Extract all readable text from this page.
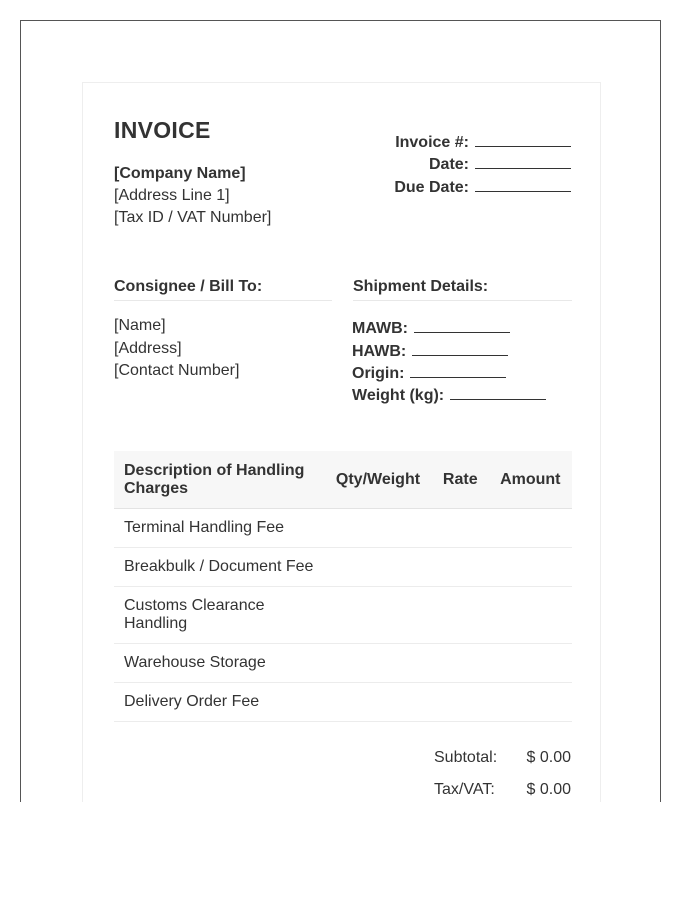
INVOICE
[Company Name]
[Address Line 1]
[Tax ID / VAT Number]
Invoice #:
Date:
Due Date:
Consignee / Bill To:
[Name]
[Address]
[Contact Number]
Shipment Details:
MAWB:
HAWB:
Origin:
Weight (kg):
Description of Handling Charges	Qty/Weight	Rate	Amount
Terminal Handling Fee			
Breakbulk / Document Fee			
Customs Clearance Handling			
Warehouse Storage			
Delivery Order Fee			
Subtotal: $ 0.00
Tax/VAT: $ 0.00
